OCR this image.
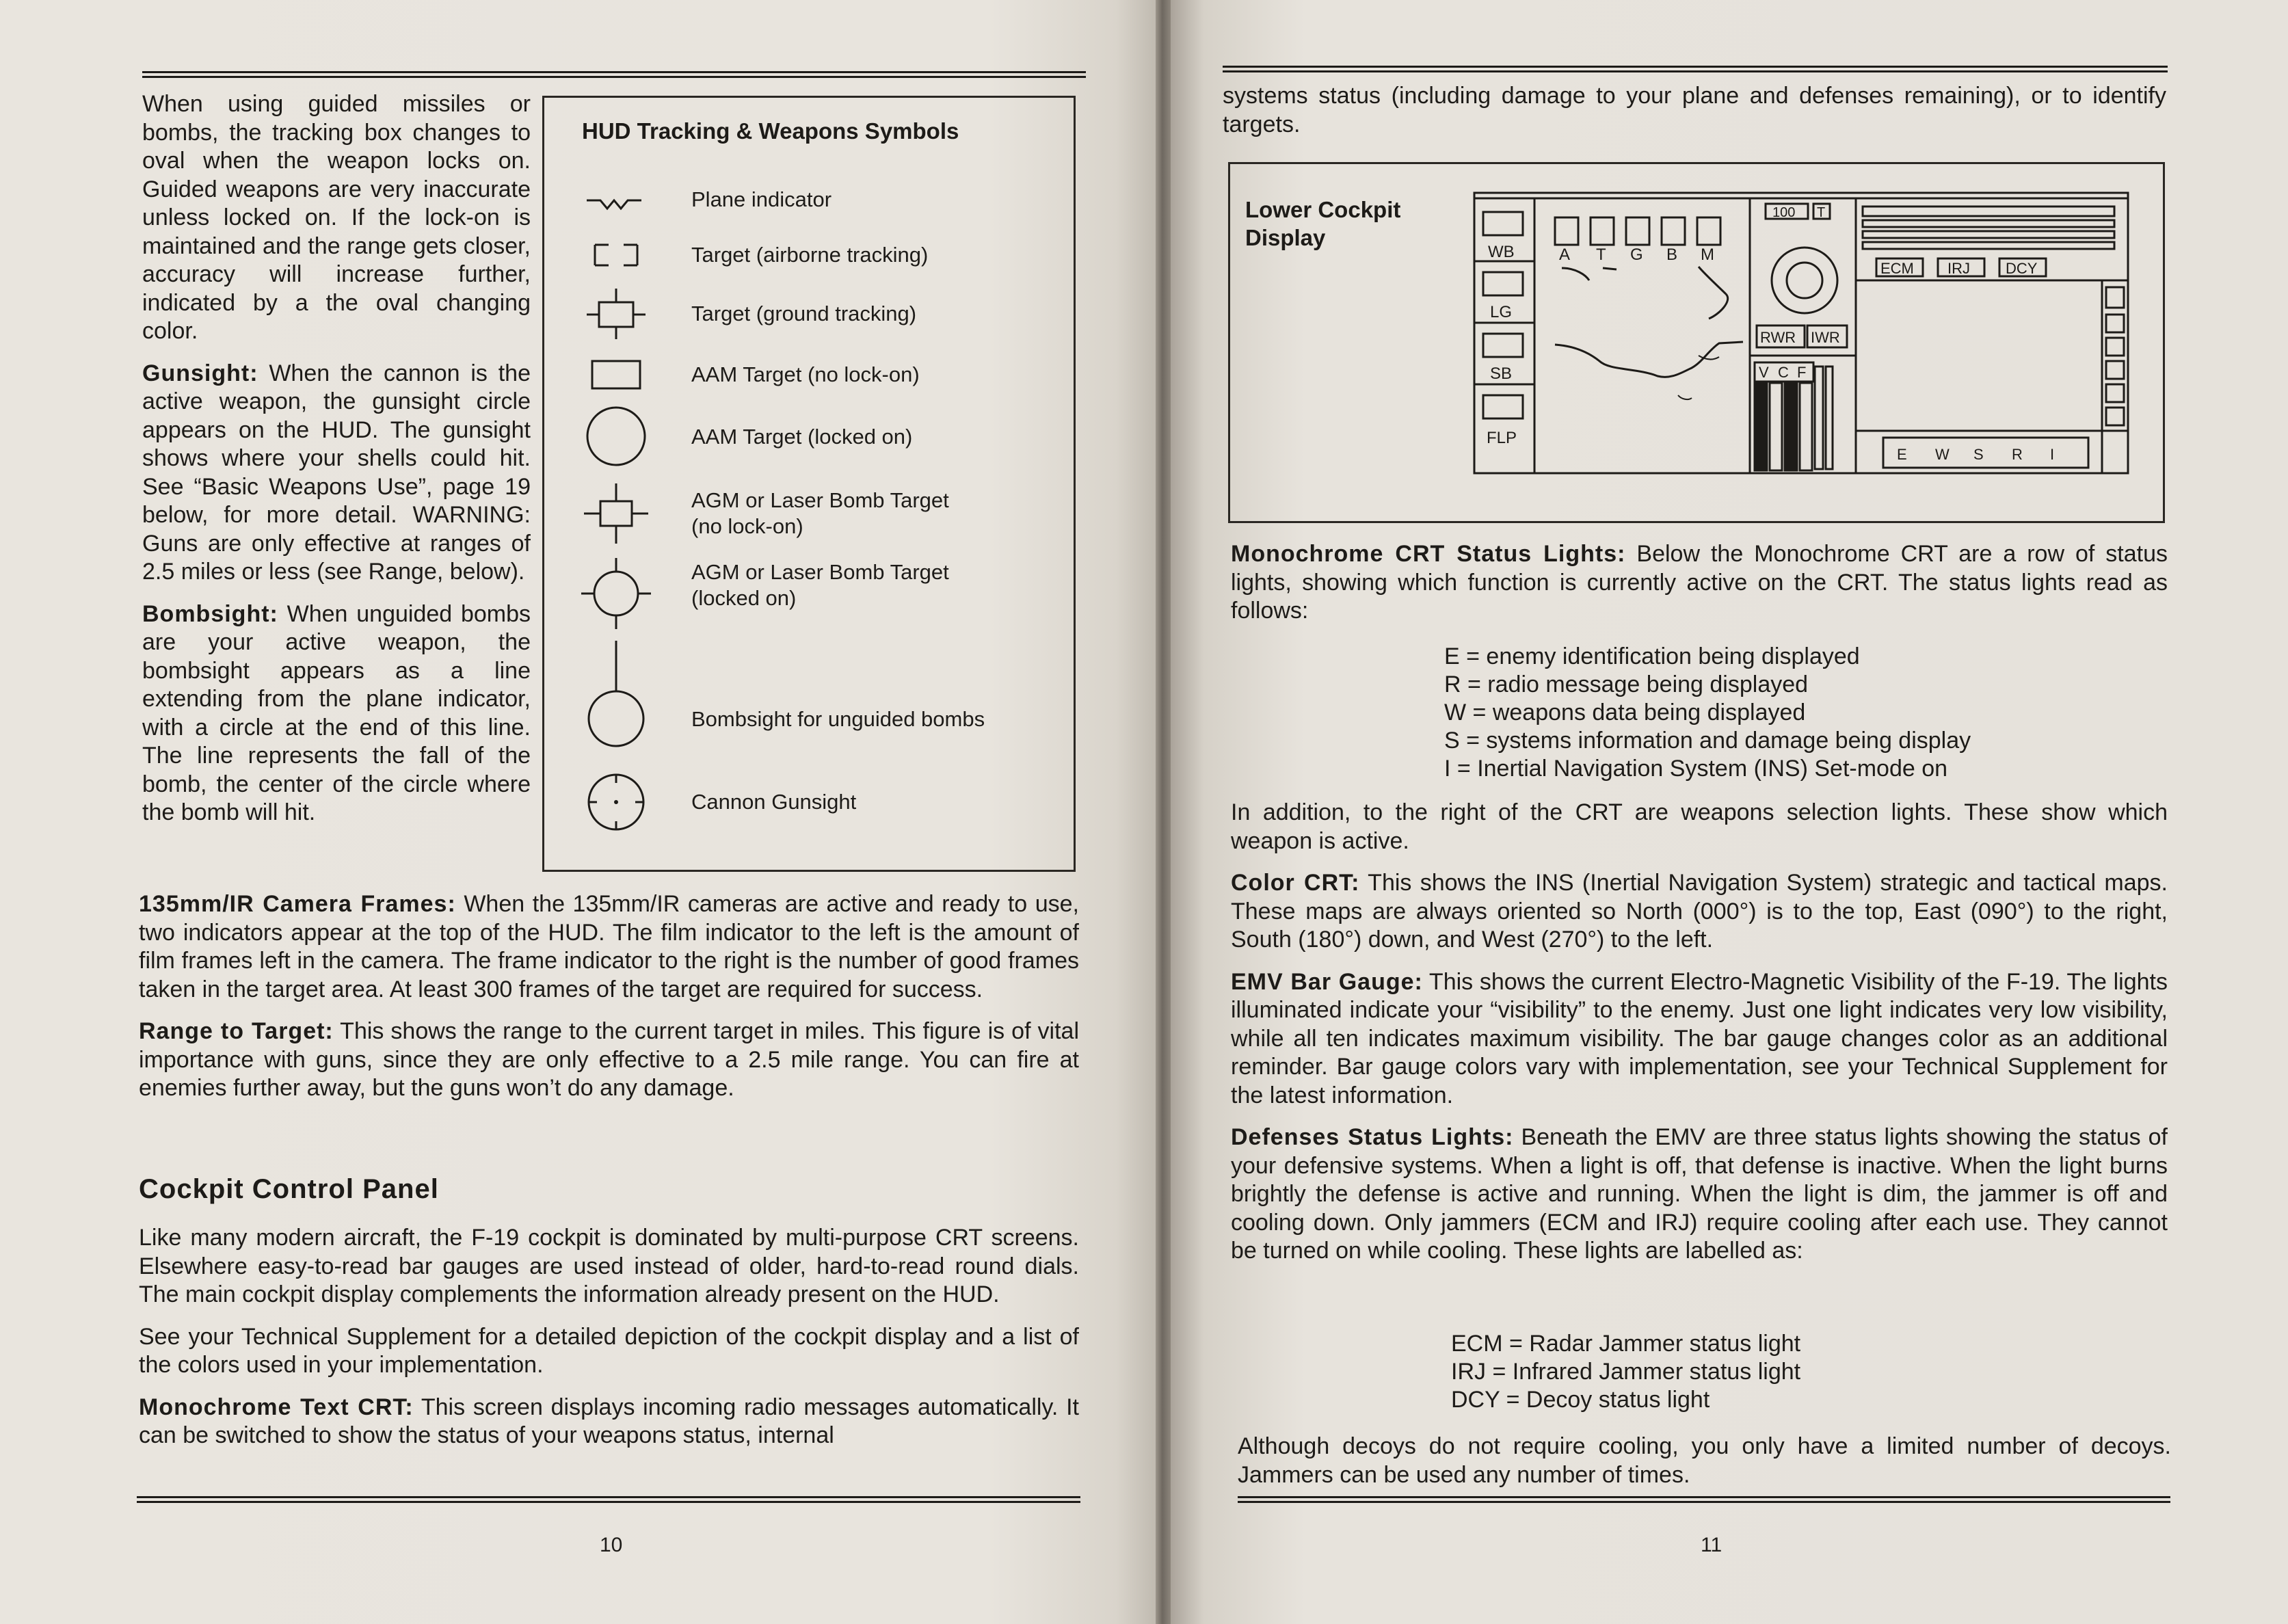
When using guided missiles or bombs, the tracking box changes to oval when the weapon locks on. Guided weapons are very inaccurate unless locked on. If the lock-on is maintained and the range gets closer, accuracy will increase further, indicated by a the oval changing color.

Gunsight: When the cannon is the active weapon, the gunsight circle appears on the HUD. The gunsight shows where your shells could hit. See “Basic Weapons Use”, page 19 below, for more detail. WARNING: Guns are only effective at ranges of 2.5 miles or less (see Range, below).

Bombsight: When unguided bombs are your active weapon, the bombsight appears as a line extending from the plane indicator, with a circle at the end of this line. The line represents the fall of the bomb, the center of the circle where the bomb will hit.

HUD Tracking & Weapons Symbols
Plane indicator
Target (airborne tracking)
Target (ground tracking)
AAM Target (no lock-on)
AAM Target (locked on)
AGM or Laser Bomb Target
(no lock-on)
AGM or Laser Bomb Target
(locked on)
Bombsight for unguided bombs
Cannon Gunsight

135mm/IR Camera Frames: When the 135mm/IR cameras are active and ready to use, two indicators appear at the top of the HUD. The film indicator to the left is the amount of film frames left in the camera. The frame indicator to the right is the number of good frames taken in the target area. At least 300 frames of the target are required for success.

Range to Target: This shows the range to the current target in miles. This figure is of vital importance with guns, since they are only effective to a 2.5 mile range. You can fire at enemies further away, but the guns won’t do any damage.

Cockpit Control Panel

Like many modern aircraft, the F-19 cockpit is dominated by multi-purpose CRT screens. Elsewhere easy-to-read bar gauges are used instead of older, hard-to-read round dials. The main cockpit display complements the information already present on the HUD.

See your Technical Supplement for a detailed depiction of the cockpit display and a list of the colors used in your implementation.

Monochrome Text CRT: This screen displays incoming radio messages automatically. It can be switched to show the status of your weapons status, internal

10

systems status (including damage to your plane and defenses remaining), or to identify targets.

Lower Cockpit Display
WB
LG
SB
FLP
A T G B M
100 T
RWR IWR
V C F
ECM IRJ DCY
E W S R I

Monochrome CRT Status Lights: Below the Monochrome CRT are a row of status lights, showing which function is currently active on the CRT. The status lights read as follows:

E = enemy identification being displayed
R = radio message being displayed
W = weapons data being displayed
S = systems information and damage being display
I = Inertial Navigation System (INS) Set-mode on

In addition, to the right of the CRT are weapons selection lights. These show which weapon is active.

Color CRT: This shows the INS (Inertial Navigation System) strategic and tactical maps. These maps are always oriented so North (000°) is to the top, East (090°) to the right, South (180°) down, and West (270°) to the left.

EMV Bar Gauge: This shows the current Electro-Magnetic Visibility of the F-19. The lights illuminated indicate your “visibility” to the enemy. Just one light indicates very low visibility, while all ten indicates maximum visibility. The bar gauge changes color as an additional reminder. Bar gauge colors vary with implementation, see your Technical Supplement for the latest information.

Defenses Status Lights: Beneath the EMV are three status lights showing the status of your defensive systems. When a light is off, that defense is inactive. When the light burns brightly the defense is active and running. When the light is dim, the jammer is off and cooling down. Only jammers (ECM and IRJ) require cooling after each use. They cannot be turned on while cooling. These lights are labelled as:

ECM = Radar Jammer status light
IRJ = Infrared Jammer status light
DCY = Decoy status light

Although decoys do not require cooling, you only have a limited number of decoys. Jammers can be used any number of times.

11
